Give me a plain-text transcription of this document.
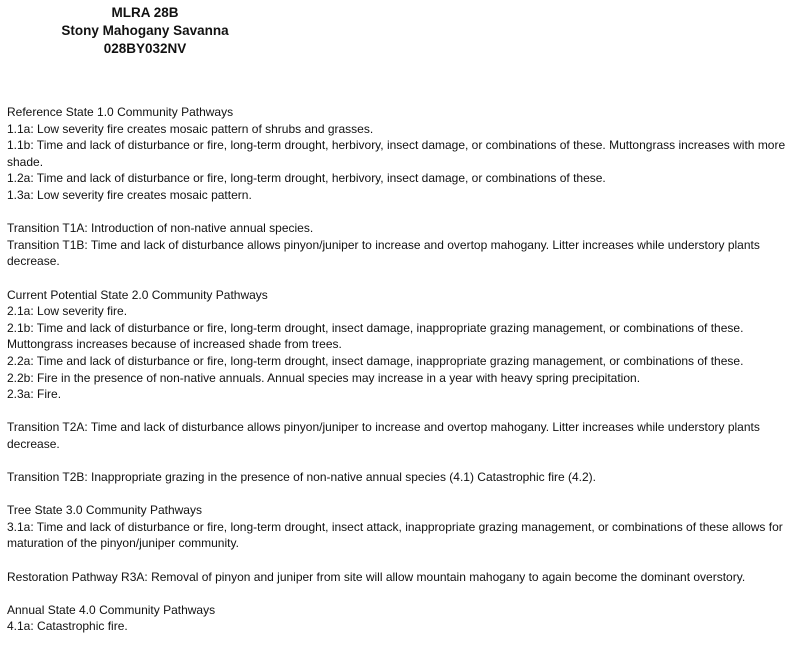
MLRA 28B
Stony Mahogany Savanna
028BY032NV
Reference State 1.0 Community Pathways
1.1a: Low severity fire creates mosaic pattern of shrubs and grasses.
1.1b: Time and lack of disturbance or fire, long-term drought, herbivory, insect damage, or combinations of these. Muttongrass increases with more shade.
1.2a: Time and lack of disturbance or fire, long-term drought, herbivory, insect damage, or combinations of these.
1.3a: Low severity fire creates mosaic pattern.
Transition T1A: Introduction of non-native annual species.
Transition T1B: Time and lack of disturbance allows pinyon/juniper to increase and overtop mahogany. Litter increases while understory plants decrease.
Current Potential State 2.0 Community Pathways
2.1a: Low severity fire.
2.1b: Time and lack of disturbance or fire, long-term drought, insect damage, inappropriate grazing management, or combinations of these. Muttongrass increases because of increased shade from trees.
2.2a: Time and lack of disturbance or fire, long-term drought, insect damage, inappropriate grazing management, or combinations of these.
2.2b: Fire in the presence of non-native annuals. Annual species may increase in a year with heavy spring precipitation.
2.3a: Fire.
Transition T2A: Time and lack of disturbance allows pinyon/juniper to increase and overtop mahogany. Litter increases while understory plants decrease.
Transition T2B: Inappropriate grazing in the presence of non-native annual species (4.1) Catastrophic fire (4.2).
Tree State 3.0 Community Pathways
3.1a: Time and lack of disturbance or fire, long-term drought, insect attack, inappropriate grazing management, or combinations of these allows for maturation of the pinyon/juniper community.
Restoration Pathway R3A: Removal of pinyon and juniper from site will allow mountain mahogany to again become the dominant overstory.
Annual State 4.0 Community Pathways
4.1a: Catastrophic fire.
